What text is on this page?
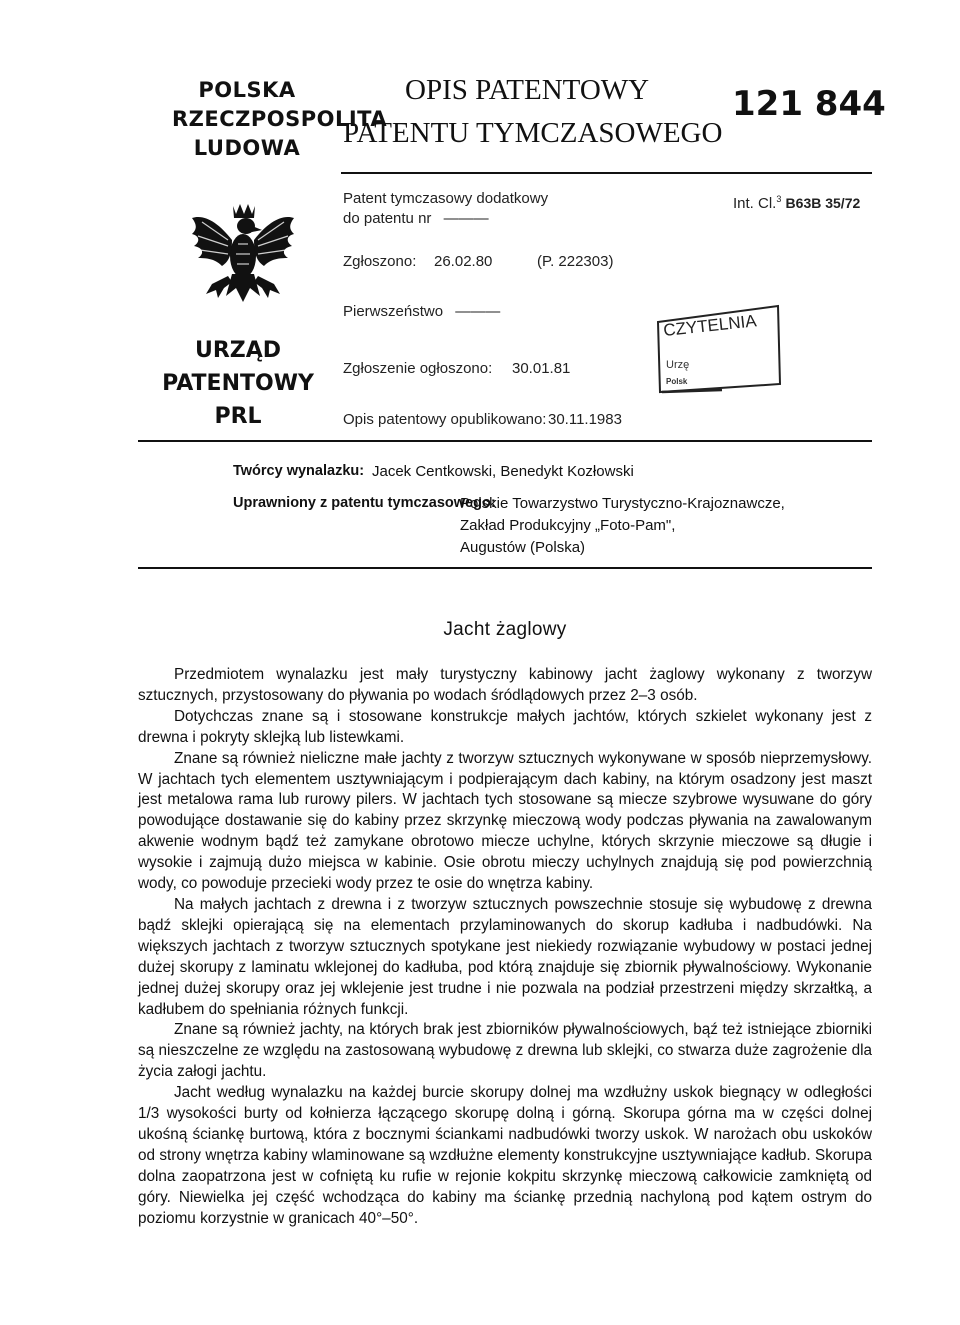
POLSKA
RZECZPOSPOLITA
LUDOWA
URZĄD
PATENTOWY
PRL
OPIS PATENTOWY
PATENTU TYMCZASOWEGO
121 844
Patent tymczasowy dodatkowy
do patentu nr ———
Int. Cl.$^3$ B63B 35/72
Zgłoszono: 26.02.80	(P. 222303)
Pierwszeństwo ———
Zgłoszenie ogłoszono: 30.01.81
Opis patentowy opublikowano: 30.11.1983
CZYTELNIA
Urzę
Polsk
Twórcy wynalazku: Jacek Centkowski, Benedykt Kozłowski
Uprawniony z patentu tymczasowego:
Polskie Towarzystwo Turystyczno-Krajoznawcze,
Zakład Produkcyjny „Foto-Pam",
Augustów (Polska)
Jacht żaglowy

Przedmiotem wynalazku jest mały turystyczny kabinowy jacht żaglowy wykonany z tworzyw sztucznych, przystosowany do pływania po wodach śródlądowych przez 2–3 osób.

Dotychczas znane są i stosowane konstrukcje małych jachtów, których szkielet wykonany jest z drewna i pokryty sklejką lub listewkami.

Znane są również nieliczne małe jachty z tworzyw sztucznych wykonywane w sposób nieprzemysłowy. W jachtach tych elementem usztywniającym i podpierającym dach kabiny, na którym osadzony jest maszt jest metalowa rama lub rurowy pilers. W jachtach tych stosowane są miecze szybrowe wysuwane do góry powodujące dostawanie się do kabiny przez skrzynkę mieczową wody podczas pływania na zawalowanym akwenie wodnym bądź też zamykane obrotowo miecze uchylne, których skrzynie mieczowe są długie i wysokie i zajmują dużo miejsca w kabinie. Osie obrotu mieczy uchylnych znajdują się pod powierzchnią wody, co powoduje przecieki wody przez te osie do wnętrza kabiny.

Na małych jachtach z drewna i z tworzyw sztucznych powszechnie stosuje się wybudowę z drewna bądź sklejki opierającą się na elementach przylaminowanych do skorup kadłuba i nadbudówki. Na większych jachtach z tworzyw sztucznych spotykane jest niekiedy rozwiązanie wybudowy w postaci jednej dużej skorupy z laminatu wklejonej do kadłuba, pod którą znajduje się zbiornik pływalnościowy. Wykonanie jednej dużej skorupy oraz jej wklejenie jest trudne i nie pozwala na podział przestrzeni między skrzałtką, a kadłubem do spełniania różnych funkcji.

Znane są również jachty, na których brak jest zbiorników pływalnościowych, bąź też istniejące zbiorniki są nieszczelne ze względu na zastosowaną wybudowę z drewna lub sklejki, co stwarza duże zagrożenie dla życia załogi jachtu.

Jacht według wynalazku na każdej burcie skorupy dolnej ma wzdłużny uskok biegnący w odległości 1/3 wysokości burty od kołnierza łączącego skorupę dolną i górną. Skorupa górna ma w części dolnej ukośną ściankę burtową, która z bocznymi ściankami nadbudówki tworzy uskok. W narożach obu uskoków od strony wnętrza kabiny wlaminowane są wzdłużne elementy konstrukcyjne usztywniające kadłub. Skorupa dolna zaopatrzona jest w cofniętą ku rufie w rejonie kokpitu skrzynkę mieczową całkowicie zamkniętą od góry. Niewielka jej część wchodząca do kabiny ma ściankę przednią nachyloną pod kątem ostrym do poziomu korzystnie w granicach 40°–50°.
